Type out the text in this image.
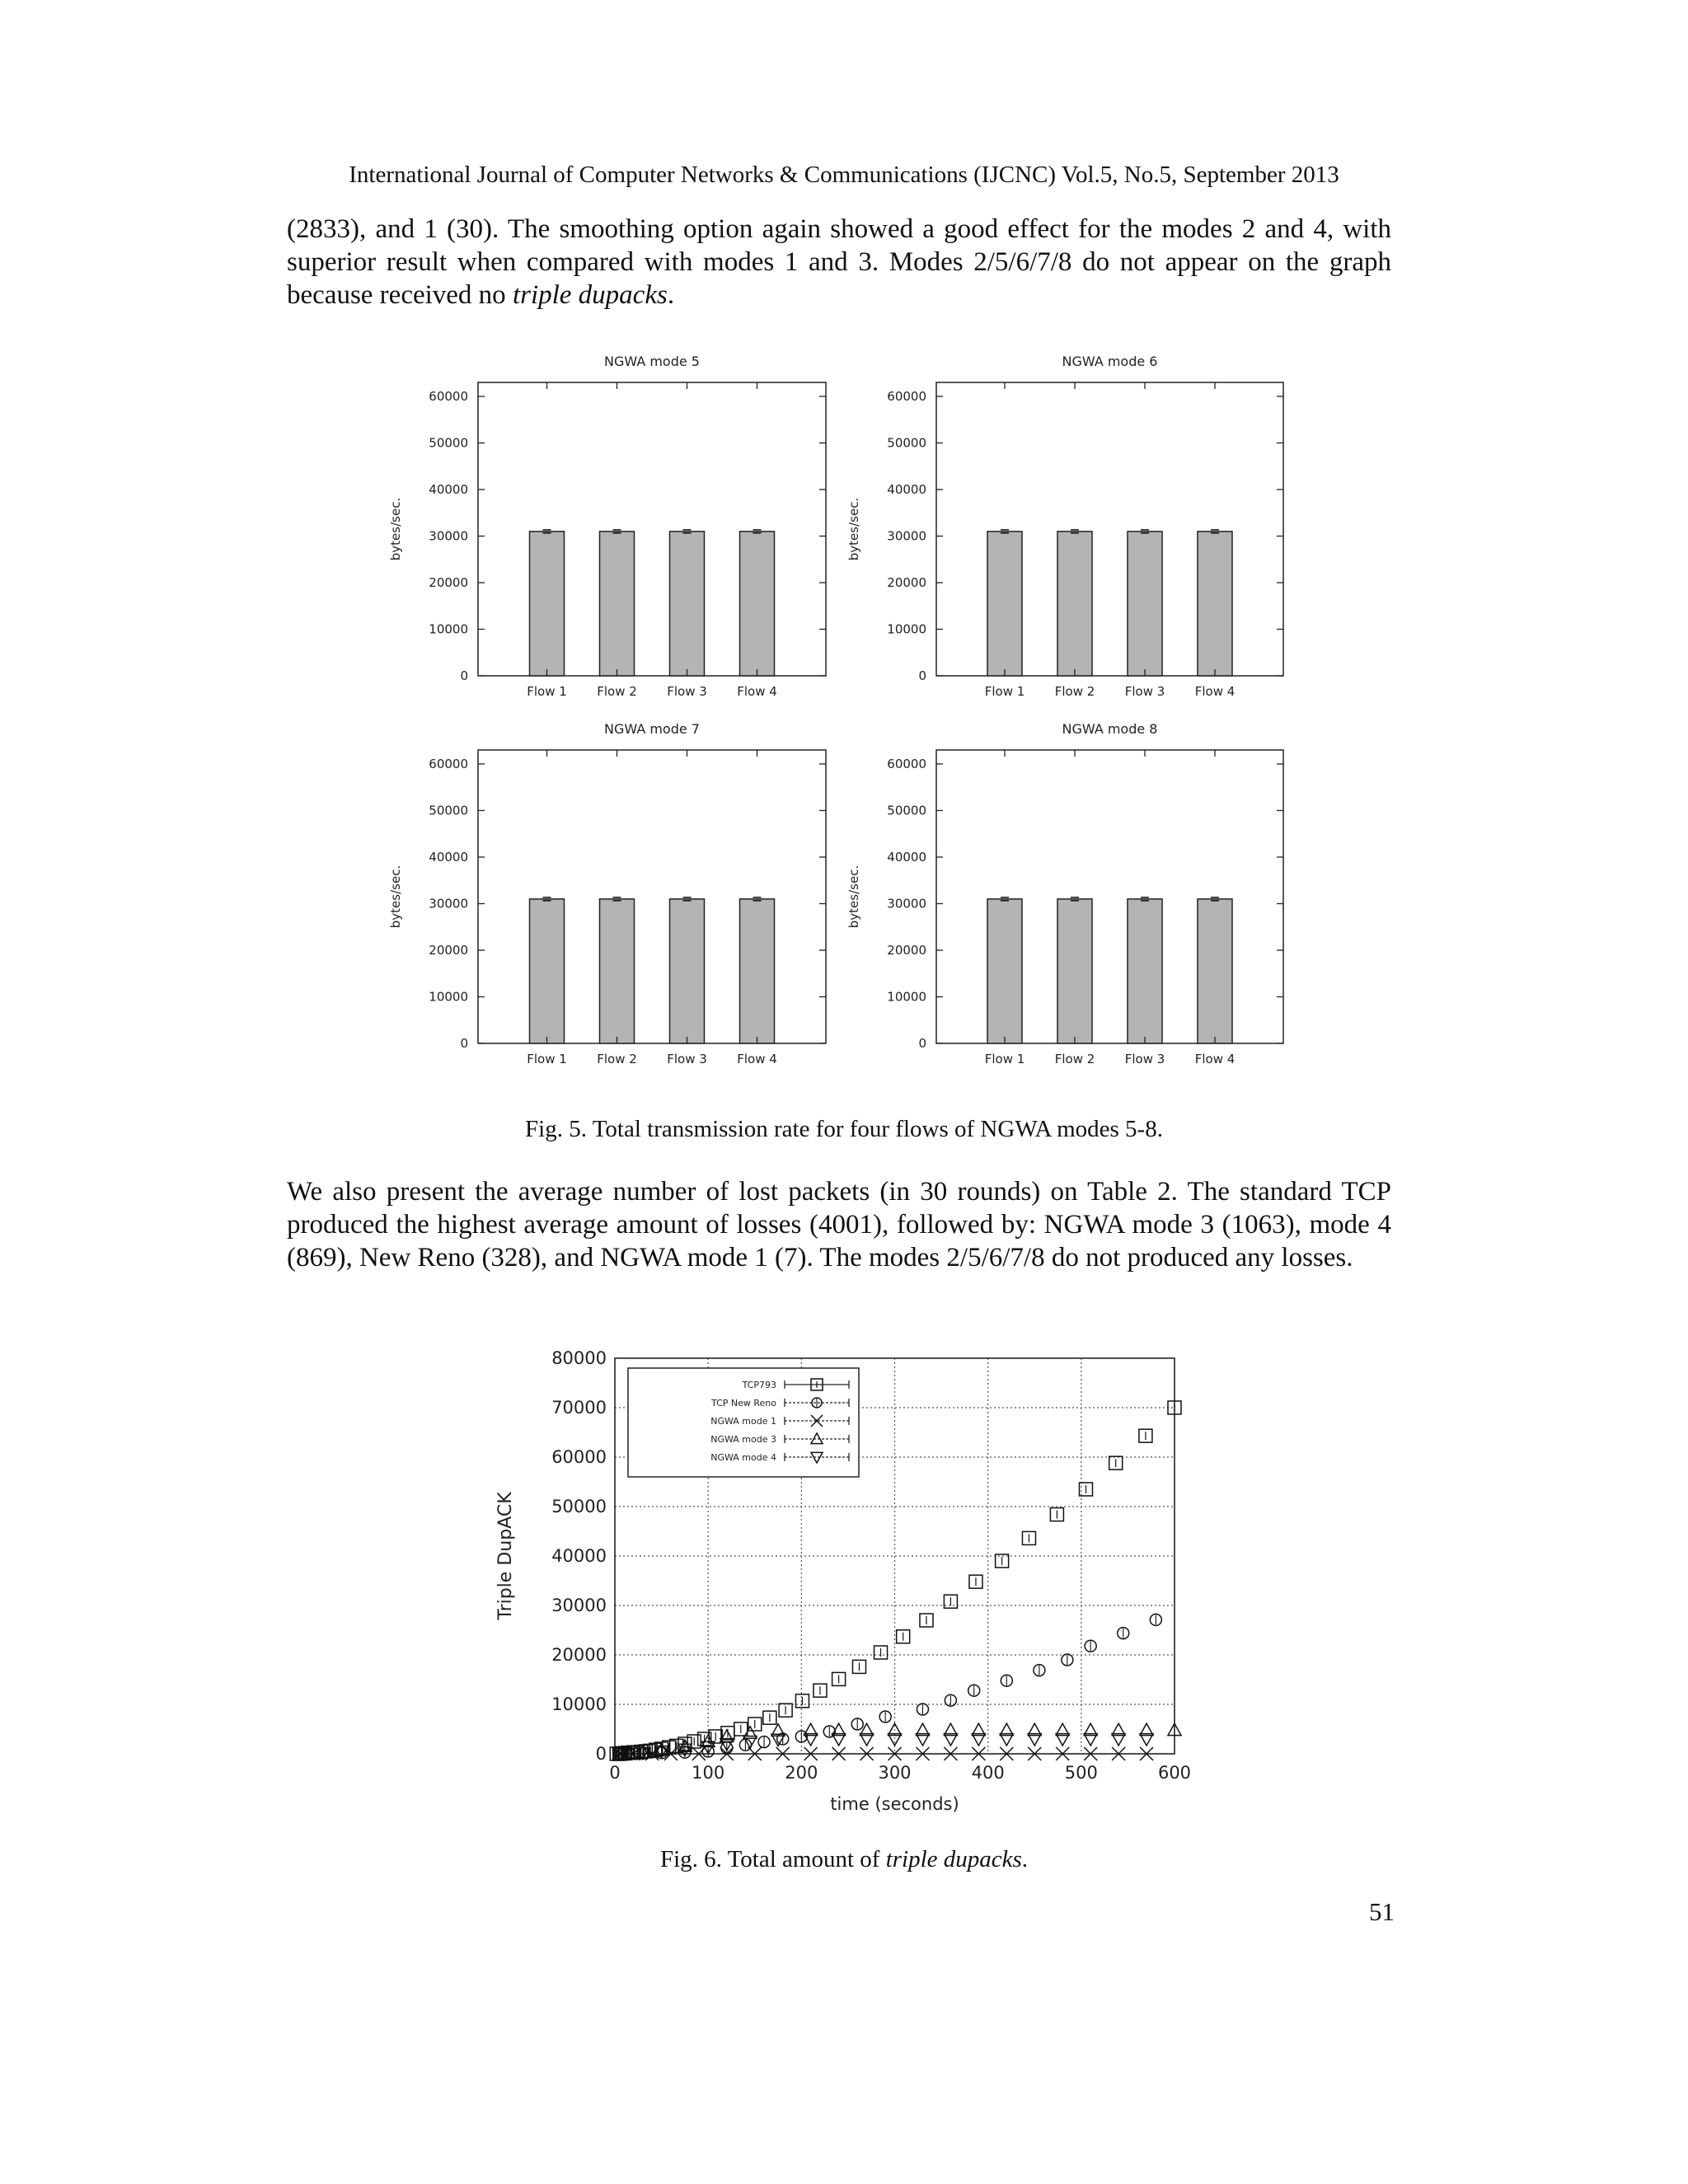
International Journal of Computer Networks & Communications (IJCNC) Vol.5, No.5, September 2013

(2833), and 1 (30). The smoothing option again showed a good effect for the modes 2 and 4, with superior result when compared with modes 1 and 3. Modes 2/5/6/7/8 do not appear on the graph because received no triple dupacks.

NGWA mode 5
0
10000
20000
30000
40000
50000
60000
bytes/sec.
Flow 1 Flow 2 Flow 3 Flow 4
NGWA mode 6
0
10000
20000
30000
40000
50000
60000
bytes/sec.
Flow 1 Flow 2 Flow 3 Flow 4
NGWA mode 7
0
10000
20000
30000
40000
50000
60000
bytes/sec.
Flow 1 Flow 2 Flow 3 Flow 4
NGWA mode 8
0
10000
20000
30000
40000
50000
60000
bytes/sec.
Flow 1 Flow 2 Flow 3 Flow 4
Fig. 5. Total transmission rate for four flows of NGWA modes 5-8.

We also present the average number of lost packets (in 30 rounds) on Table 2. The standard TCP produced the highest average amount of losses (4001), followed by: NGWA mode 3 (1063), mode 4 (869), New Reno (328), and NGWA mode 1 (7). The modes 2/5/6/7/8 do not produced any losses.

0	100	200	300	400	500	600
0
10000
20000
30000
40000
50000
60000
70000
80000
time (seconds)
Triple DupACK
TCP793
TCP New Reno
NGWA mode 1
NGWA mode 3
NGWA mode 4
Fig. 6. Total amount of triple dupacks.
51
